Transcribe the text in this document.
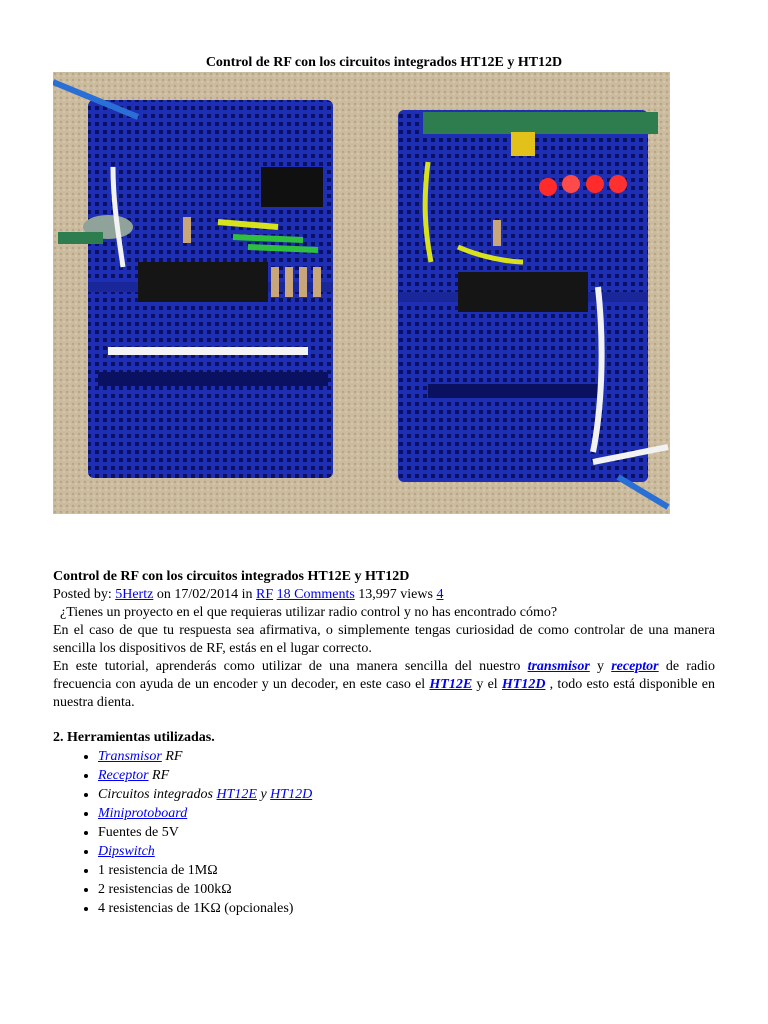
Control de RF con los circuitos integrados HT12E y HT12D
Control de RF con los circuitos integrados HT12E y HT12D
Posted by: 5Hertz on 17/02/2014 in RF 18 Comments 13,997 views 4
¿Tienes un proyecto en el que requieras utilizar radio control y no has encontrado cómo?
En el caso de que tu respuesta sea afirmativa, o simplemente tengas curiosidad de como controlar de una manera sencilla los dispositivos de RF, estás en el lugar correcto.
En este tutorial, aprenderás como utilizar de una manera sencilla del nuestro transmisor y receptor de radio frecuencia con ayuda de un encoder y un decoder, en este caso el HT12E y el HT12D , todo esto está disponible en nuestra dienta.
2. Herramientas utilizadas.
• Transmisor RF
• Receptor RF
• Circuitos integrados HT12E y HT12D
• Miniprotoboard
• Fuentes de 5V
• Dipswitch
• 1 resistencia de 1MΩ
• 2 resistencias de 100kΩ
• 4 resistencias de 1KΩ (opcionales)
